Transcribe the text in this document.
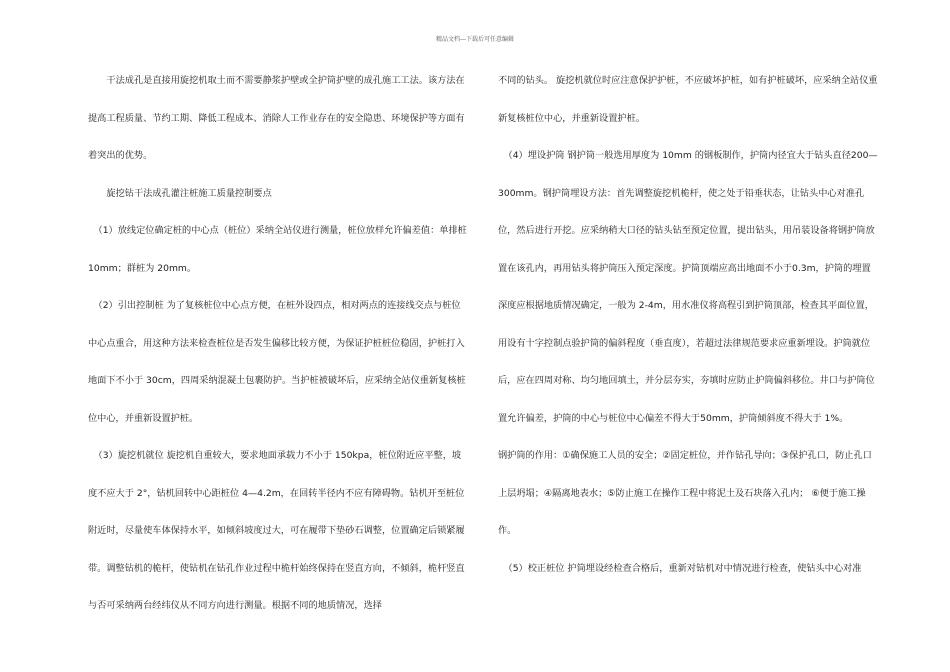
精品文档---下载后可任意编辑

干法成孔是直接用旋挖机取土而不需要静浆护壁或全护筒护壁的成孔施工工法。该方法在提高工程质量、节约工期、降低工程成本、消除人工作业存在的安全隐患、环境保护等方面有着突出的优势。

旋挖钻干法成孔灌注桩施工质量控制要点

（1）放线定位确定桩的中心点（桩位）采纳全站仪进行测量，桩位放样允许偏差值：单排桩 10mm；群桩为 20mm。

（2）引出控制桩 为了复核桩位中心点方便，在桩外设四点，相对两点的连接线交点与桩位中心点重合，用这种方法来检查桩位是否发生偏移比较方便，为保证护桩桩位稳固，护桩打入地面下不小于 30cm，四周采纳混凝土包裹防护。当护桩被破坏后，应采纳全站仪重新复核桩位中心，并重新设置护桩。

（3）旋挖机就位 旋挖机自重较大，要求地面承载力不小于 150kpa，桩位附近应平整，坡度不应大于 2°，钻机回转中心距桩位 4—4.2m，在回转半径内不应有障碍物。钻机开至桩位附近时，尽量使车体保持水平，如倾斜坡度过大，可在履带下垫砂石调整，位置确定后锁紧履带。调整钻机的桅杆，使钻机在钻孔作业过程中桅杆始终保持在竖直方向，不倾斜，桅杆竖直与否可采纳两台经纬仪从不同方向进行测量。根据不同的地质情况，选择

不同的钻头。 旋挖机就位时应注意保护护桩，不应破坏护桩，如有护桩破坏，应采纳全站仪重新复核桩位中心，并重新设置护桩。

（4）埋设护筒 钢护筒一般选用厚度为 10mm 的钢板制作，护筒内径宜大于钻头直径200—300mm。钢护筒埋设方法：首先调整旋挖机桅杆，使之处于铅垂状态，让钻头中心对准孔位，然后进行开挖。应采纳稍大口径的钻头钻至预定位置，提出钻头，用吊装设备将钢护筒放置在该孔内，再用钻头将护筒压入预定深度。护筒顶端应高出地面不小于0.3m，护筒的埋置深度应根据地质情况确定，一般为 2-4m，用水准仪将高程引到护筒顶部，检查其平面位置，用设有十字控制点验护筒的偏斜程度（垂直度），若超过法律规范要求应重新埋设。护筒就位后，应在四周对称、均匀地回填土，并分层夯实，夯填时应防止护筒偏斜移位。井口与护筒位置允许偏差，护筒的中心与桩位中心偏差不得大于50mm，护筒倾斜度不得大于 1%。

钢护筒的作用：①确保施工人员的安全；②固定桩位，并作钻孔导向；③保护孔口，防止孔口上层坍塌；④隔离地表水；⑤防止施工在操作工程中将泥土及石块落入孔内； ⑥便于施工操作。

（5）校正桩位 护筒埋设经检查合格后，重新对钻机对中情况进行检查，使钻头中心对准
